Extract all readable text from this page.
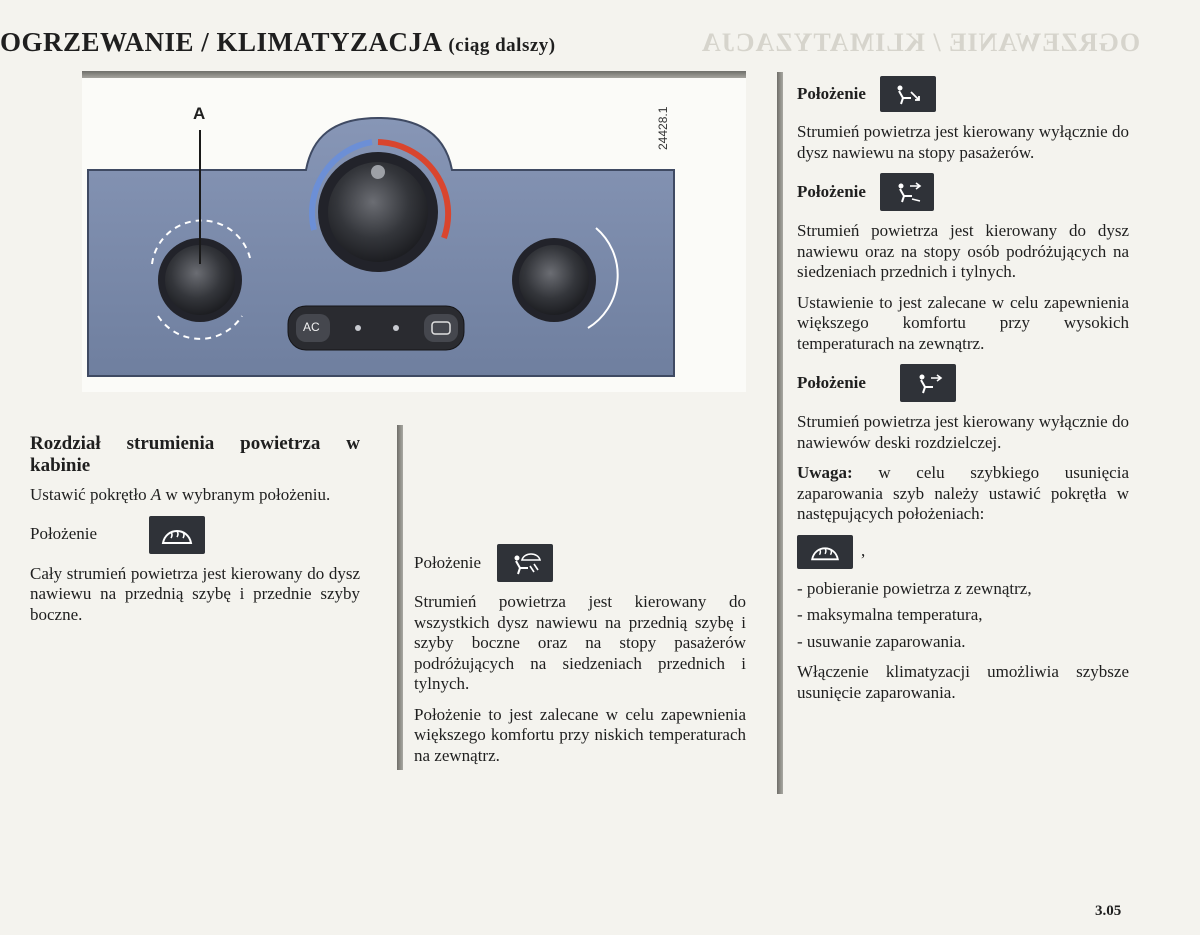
OGRZEWANIE / KLIMATYZACJA
OGRZEWANIE / KLIMATYZACJA (ciąg dalszy)
A
AC
24428.1
Rozdział strumienia powietrza w kabinie

Ustawić pokrętło A w wybranym położeniu.

Położenie

Cały strumień powietrza jest kierowany do dysz nawiewu na przednią szybę i przednie szyby boczne.

Położenie

Strumień powietrza jest kierowany do wszystkich dysz nawiewu na przednią szybę i szyby boczne oraz na stopy pasażerów podróżujących na siedzeniach przednich i tylnych.

Położenie to jest zalecane w celu zapewnienia większego komfortu przy niskich temperaturach na zewnątrz.

Położenie

Strumień powietrza jest kierowany wyłącznie do dysz nawiewu na stopy pasażerów.

Położenie

Strumień powietrza jest kierowany do dysz nawiewu oraz na stopy osób podróżujących na siedzeniach przednich i tylnych.

Ustawienie to jest zalecane w celu zapewnienia większego komfortu przy wysokich temperaturach na zewnątrz.

Położenie

Strumień powietrza jest kierowany wyłącznie do nawiewów deski rozdzielczej.

Uwaga: w celu szybkiego usunięcia zaparowania szyb należy ustawić pokrętła w następujących położeniach:

,
- pobieranie powietrza z zewnątrz,
- maksymalna temperatura,
- usuwanie zaparowania.

Włączenie klimatyzacji umożliwia szybsze usunięcie zaparowania.

3.05
